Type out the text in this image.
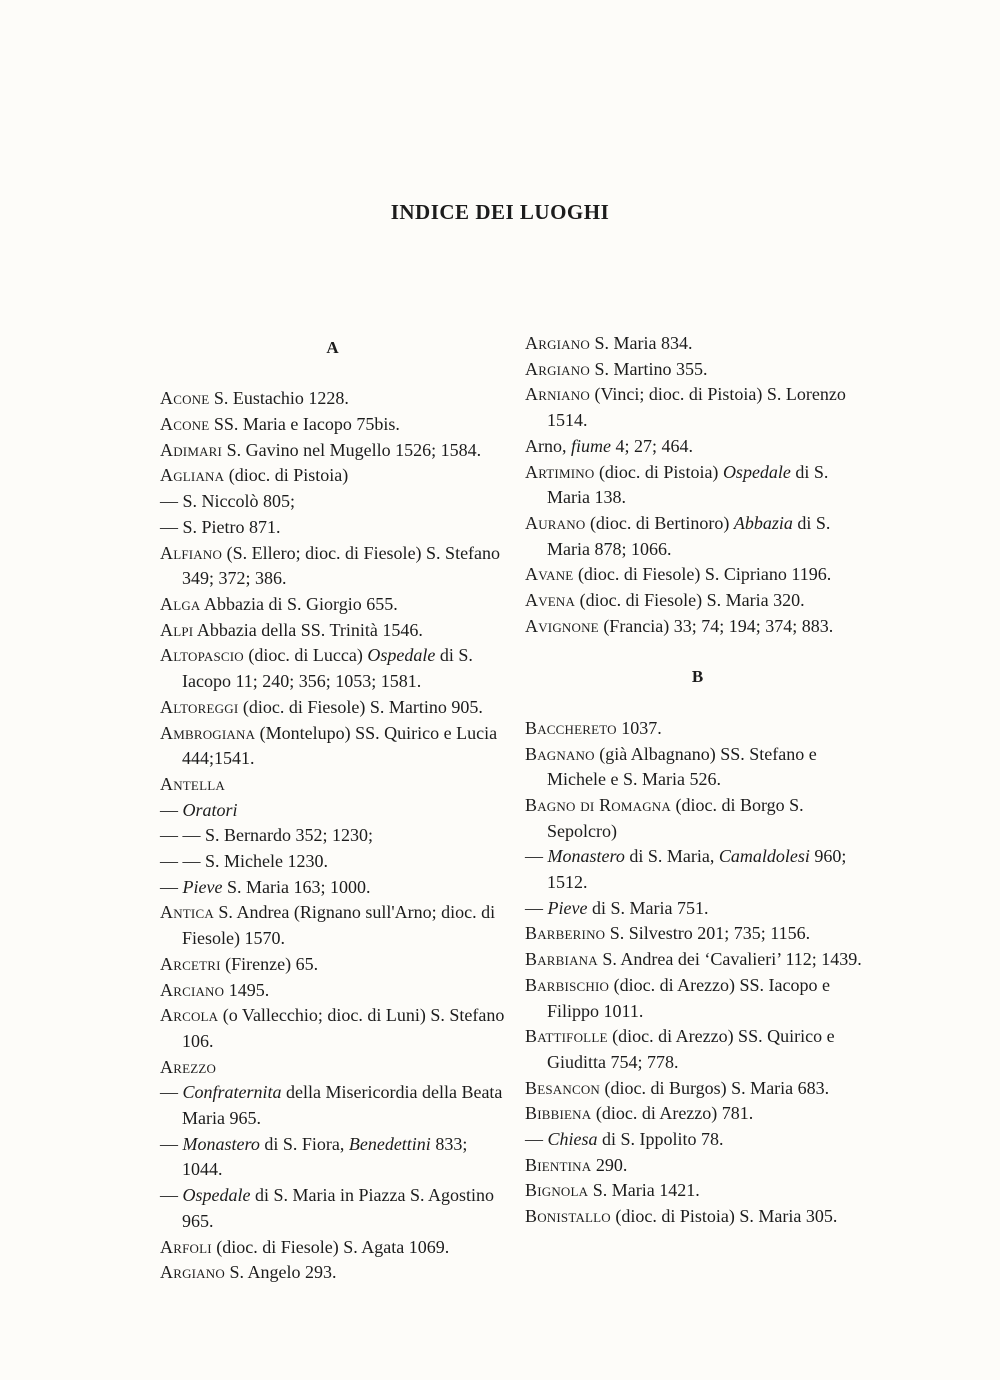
INDICE DEI LUOGHI
A

Acone S. Eustachio 1228.

Acone SS. Maria e Iacopo 75bis.

Adimari S. Gavino nel Mugello 1526; 1584.

Agliana (dioc. di Pistoia)

— S. Niccolò 805;

— S. Pietro 871.

Alfiano (S. Ellero; dioc. di Fiesole) S. Stefano 349; 372; 386.

Alga Abbazia di S. Giorgio 655.

Alpi Abbazia della SS. Trinità 1546.

Altopascio (dioc. di Lucca) Ospedale di S. Iacopo 11; 240; 356; 1053; 1581.

Altoreggi (dioc. di Fiesole) S. Martino 905.

Ambrogiana (Montelupo) SS. Quirico e Lucia 444;1541.

Antella

— Oratori

— — S. Bernardo 352; 1230;

— — S. Michele 1230.

— Pieve S. Maria 163; 1000.

Antica S. Andrea (Rignano sull'Arno; dioc. di Fiesole) 1570.

Arcetri (Firenze) 65.

Arciano 1495.

Arcola (o Vallecchio; dioc. di Luni) S. Stefano 106.

Arezzo

— Confraternita della Misericordia della Beata Maria 965.

— Monastero di S. Fiora, Benedettini 833; 1044.

— Ospedale di S. Maria in Piazza S. Agostino 965.

Arfoli (dioc. di Fiesole) S. Agata 1069.

Argiano S. Angelo 293.

Argiano S. Maria 834.

Argiano S. Martino 355.

Arniano (Vinci; dioc. di Pistoia) S. Lorenzo 1514.

Arno, fiume 4; 27; 464.

Artimino (dioc. di Pistoia) Ospedale di S. Maria 138.

Aurano (dioc. di Bertinoro) Abbazia di S. Maria 878; 1066.

Avane (dioc. di Fiesole) S. Cipriano 1196.

Avena (dioc. di Fiesole) S. Maria 320.

Avignone (Francia) 33; 74; 194; 374; 883.

B

Bacchereto 1037.

Bagnano (già Albagnano) SS. Stefano e Michele e S. Maria 526.

Bagno di Romagna (dioc. di Borgo S. Sepolcro)

— Monastero di S. Maria, Camaldolesi 960; 1512.

— Pieve di S. Maria 751.

Barberino S. Silvestro 201; 735; 1156.

Barbiana S. Andrea dei ‘Cavalieri’ 112; 1439.

Barbischio (dioc. di Arezzo) SS. Iacopo e Filippo 1011.

Battifolle (dioc. di Arezzo) SS. Quirico e Giuditta 754; 778.

Besancon (dioc. di Burgos) S. Maria 683.

Bibbiena (dioc. di Arezzo) 781.

— Chiesa di S. Ippolito 78.

Bientina 290.

Bignola S. Maria 1421.

Bonistallo (dioc. di Pistoia) S. Maria 305.
